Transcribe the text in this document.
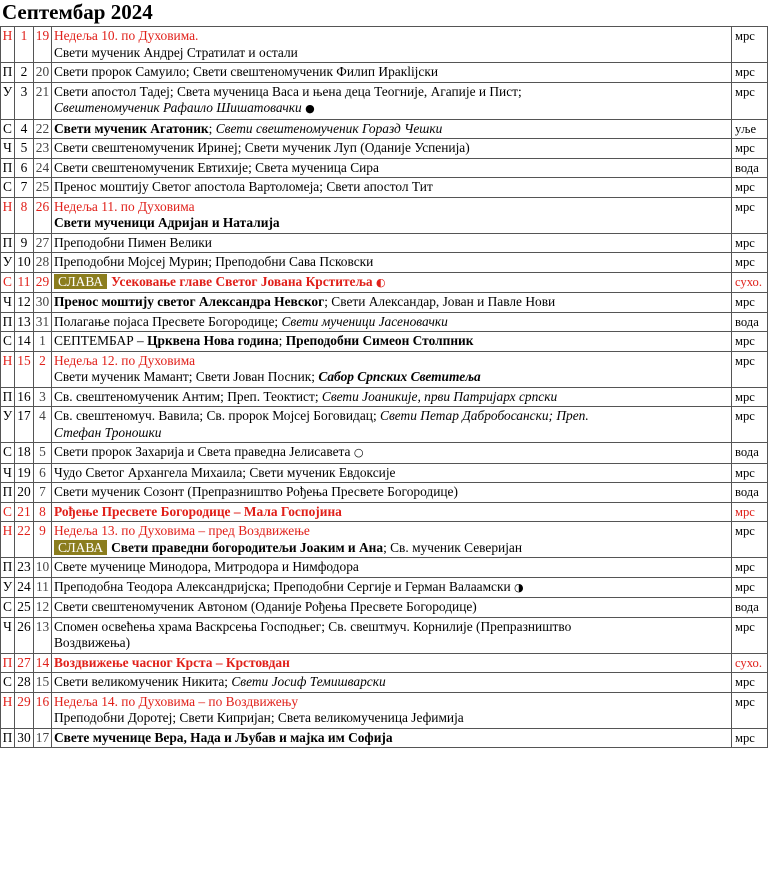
Септембар 2024
Н	1	19	Недеља 10. по Духовима.
Свети мученик Андреј Стратилат и остали	мрс
П	2	20	Свети пророк Самуило; Свети свештеномученик Филип Иракlijски	мрс
У	3	21	Свети апостол Тадеј; Света мученица Васа и њена деца Теогније, Агапије и Пист;
Свештеномученик Рафаило Шишатовачки ●	мрс
С	4	22	Свети мученик Агатоник; Свети свештеномученик Горазд Чешки	уље
Ч	5	23	Свети свештеномученик Иринеј; Свети мученик Луп (Оданије Успенија)	мрс
П	6	24	Свети свештеномученик Евтихије; Света мученица Сира	вода
С	7	25	Пренос моштију Светог апостола Вартоломеја; Свети апостол Тит	мрс
Н	8	26	Недеља 11. по Духовима
Свети мученици Адријан и Наталија	мрс
П	9	27	Преподобни Пимен Велики	мрс
У	10	28	Преподобни Мојсеј Мурин; Преподобни Сава Псковски	мрс
С	11	29	СЛАВА Усековање главе Светог Јована Крститеља ◐	сухо.
Ч	12	30	Пренос моштију светог Александра Невског; Свети Александар, Јован и Павле Нови	мрс
П	13	31	Полагање појаса Пресвете Богородице; Свети мученици Јасеновачки	вода
С	14	1	СЕПТЕМБАР – Црквена Нова година; Преподобни Симеон Столпник	мрс
Н	15	2	Недеља 12. по Духовима
Свети мученик Мамант; Свети Јован Посник; Сабор Српских Светитеља	мрс
П	16	3	Св. свештеномученик Антим; Преп. Теоктист; Свети Јоаникије, први Патријарх српски	мрс
У	17	4	Св. свештеномуч. Вавила; Св. пророк Мојсеј Боговидац; Свети Петар Дабробосански; Преп.
Стефан Троношки	мрс
С	18	5	Свети пророк Захарија и Света праведна Јелисавета ○	вода
Ч	19	6	Чудо Светог Архангела Михаила; Свети мученик Евдоксије	мрс
П	20	7	Свети мученик Созонт (Препразништво Рођења Пресвете Богородице)	вода
С	21	8	Рођење Пресвете Богородице – Мала Госпојина	мрс
Н	22	9	Недеља 13. по Духовима – пред Воздвижење
СЛАВА Свети праведни богородитељи Јоаким и Ана; Св. мученик Северијан	мрс
П	23	10	Свете мученице Минодора, Митродора и Нимфодора	мрс
У	24	11	Преподобна Теодора Александријска; Преподобни Сергије и Герман Валаамски ◑	мрс
С	25	12	Свети свештеномученик Автоном (Оданије Рођења Пресвете Богородице)	вода
Ч	26	13	Спомен освећења храма Васкрсења Господњег; Св. свештмуч. Корнилије (Препразништво
Воздвижења)	мрс
П	27	14	Воздвижење часног Крста – Крстовдан	сухо.
С	28	15	Свети великомученик Никита; Свети Јосиф Темишварски	мрс
Н	29	16	Недеља 14. по Духовима – по Воздвижењу
Преподобни Доротеј; Свети Кипријан; Света великомученица Јефимија	мрс
П	30	17	Свете мученице Вера, Нада и Љубав и мајка им Софија	мрс
